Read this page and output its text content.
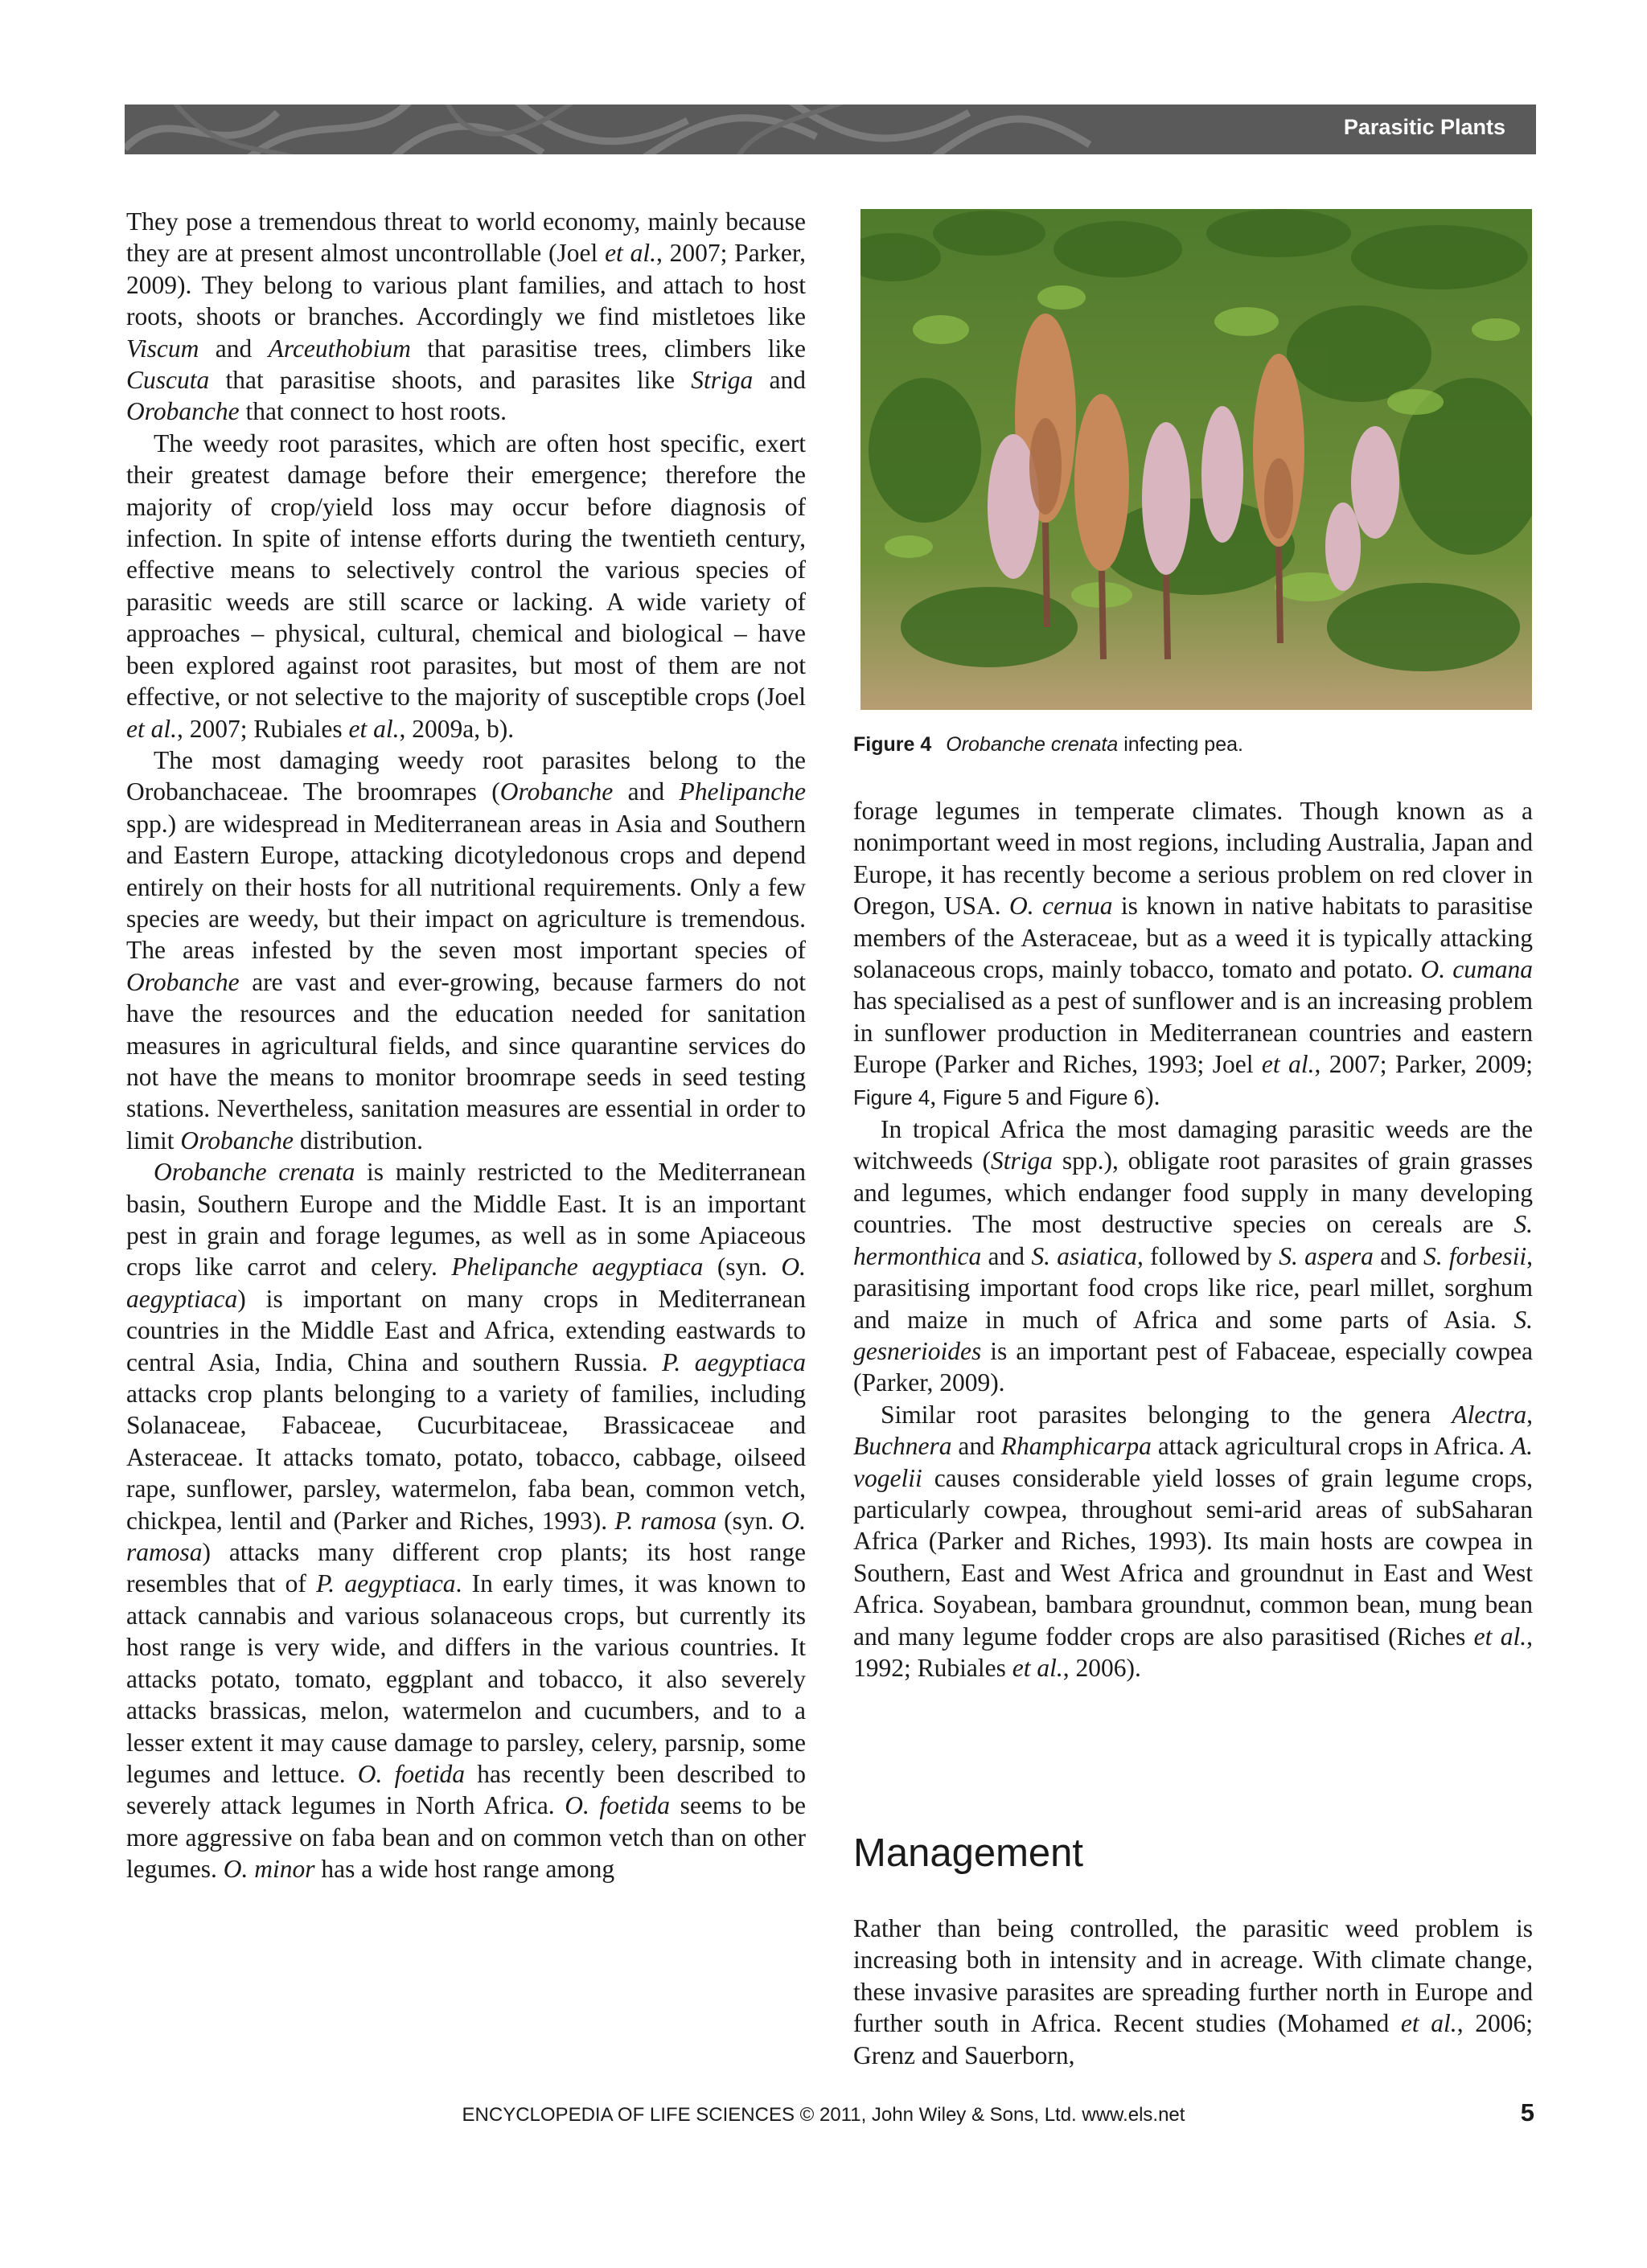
Parasitic Plants

They pose a tremendous threat to world economy, mainly because they are at present almost uncontrollable (Joel et al., 2007; Parker, 2009). They belong to various plant families, and attach to host roots, shoots or branches. Accordingly we find mistletoes like Viscum and Arceuthobium that parasitise trees, climbers like Cuscuta that parasitise shoots, and parasites like Striga and Orobanche that connect to host roots.

The weedy root parasites, which are often host specific, exert their greatest damage before their emergence; therefore the majority of crop/yield loss may occur before diagnosis of infection. In spite of intense efforts during the twentieth century, effective means to selectively control the various species of parasitic weeds are still scarce or lacking. A wide variety of approaches – physical, cultural, chemical and biological – have been explored against root parasites, but most of them are not effective, or not selective to the majority of susceptible crops (Joel et al., 2007; Rubiales et al., 2009a, b).

The most damaging weedy root parasites belong to the Orobanchaceae. The broomrapes (Orobanche and Phelipanche spp.) are widespread in Mediterranean areas in Asia and Southern and Eastern Europe, attacking dicotyledonous crops and depend entirely on their hosts for all nutritional requirements. Only a few species are weedy, but their impact on agriculture is tremendous. The areas infested by the seven most important species of Orobanche are vast and ever-growing, because farmers do not have the resources and the education needed for sanitation measures in agricultural fields, and since quarantine services do not have the means to monitor broomrape seeds in seed testing stations. Nevertheless, sanitation measures are essential in order to limit Orobanche distribution.

Orobanche crenata is mainly restricted to the Mediterranean basin, Southern Europe and the Middle East. It is an important pest in grain and forage legumes, as well as in some Apiaceous crops like carrot and celery. Phelipanche aegyptiaca (syn. O. aegyptiaca) is important on many crops in Mediterranean countries in the Middle East and Africa, extending eastwards to central Asia, India, China and southern Russia. P. aegyptiaca attacks crop plants belonging to a variety of families, including Solanaceae, Fabaceae, Cucurbitaceae, Brassicaceae and Asteraceae. It attacks tomato, potato, tobacco, cabbage, oilseed rape, sunflower, parsley, watermelon, faba bean, common vetch, chickpea, lentil and (Parker and Riches, 1993). P. ramosa (syn. O. ramosa) attacks many different crop plants; its host range resembles that of P. aegyptiaca. In early times, it was known to attack cannabis and various solanaceous crops, but currently its host range is very wide, and differs in the various countries. It attacks potato, tomato, eggplant and tobacco, it also severely attacks brassicas, melon, watermelon and cucumbers, and to a lesser extent it may cause damage to parsley, celery, parsnip, some legumes and lettuce. O. foetida has recently been described to severely attack legumes in North Africa. O. foetida seems to be more aggressive on faba bean and on common vetch than on other legumes. O. minor has a wide host range among

Figure 4 Orobanche crenata infecting pea.

forage legumes in temperate climates. Though known as a nonimportant weed in most regions, including Australia, Japan and Europe, it has recently become a serious problem on red clover in Oregon, USA. O. cernua is known in native habitats to parasitise members of the Asteraceae, but as a weed it is typically attacking solanaceous crops, mainly tobacco, tomato and potato. O. cumana has specialised as a pest of sunflower and is an increasing problem in sunflower production in Mediterranean countries and eastern Europe (Parker and Riches, 1993; Joel et al., 2007; Parker, 2009; Figure 4, Figure 5 and Figure 6).

In tropical Africa the most damaging parasitic weeds are the witchweeds (Striga spp.), obligate root parasites of grain grasses and legumes, which endanger food supply in many developing countries. The most destructive species on cereals are S. hermonthica and S. asiatica, followed by S. aspera and S. forbesii, parasitising important food crops like rice, pearl millet, sorghum and maize in much of Africa and some parts of Asia. S. gesnerioides is an important pest of Fabaceae, especially cowpea (Parker, 2009).

Similar root parasites belonging to the genera Alectra, Buchnera and Rhamphicarpa attack agricultural crops in Africa. A. vogelii causes considerable yield losses of grain legume crops, particularly cowpea, throughout semi-arid areas of subSaharan Africa (Parker and Riches, 1993). Its main hosts are cowpea in Southern, East and West Africa and groundnut in East and West Africa. Soyabean, bambara groundnut, common bean, mung bean and many legume fodder crops are also parasitised (Riches et al., 1992; Rubiales et al., 2006).

Management

Rather than being controlled, the parasitic weed problem is increasing both in intensity and in acreage. With climate change, these invasive parasites are spreading further north in Europe and further south in Africa. Recent studies (Mohamed et al., 2006; Grenz and Sauerborn,

ENCYCLOPEDIA OF LIFE SCIENCES © 2011, John Wiley & Sons, Ltd. www.els.net	5
